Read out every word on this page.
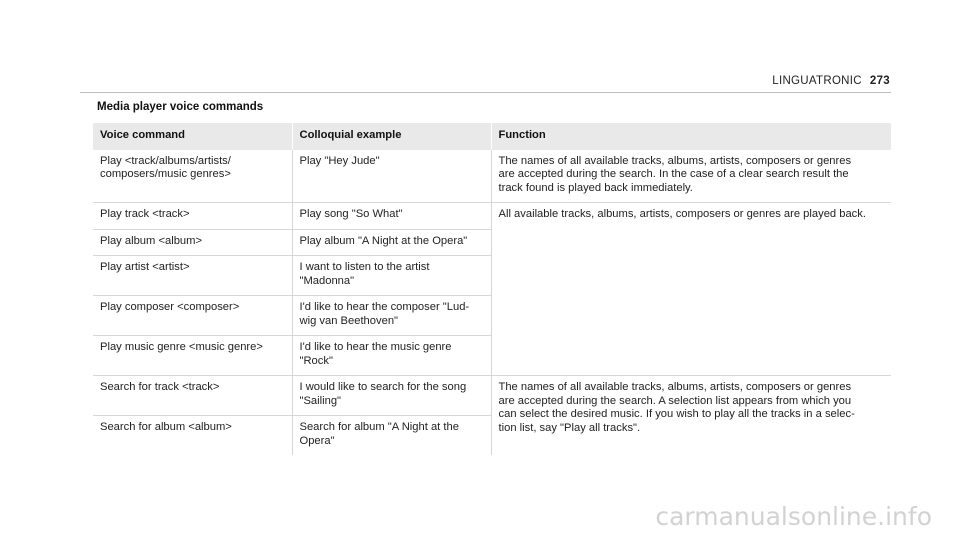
LINGUATRONIC 273
Media player voice commands
Voice command	Colloquial example	Function

Play <track/albums/artists/
composers/music genres>	Play "Hey Jude"	The names of all available tracks, albums, artists, composers or genres
are accepted during the search. In the case of a clear search result the
track found is played back immediately.

Play track <track>	Play song "So What"	All available tracks, albums, artists, composers or genres are played back.

Play album <album>	Play album "A Night at the Opera"	

Play artist <artist>	I want to listen to the artist
"Madonna"	

Play composer <composer>	I'd like to hear the composer "Lud-
wig van Beethoven"	

Play music genre <music genre>	I'd like to hear the music genre
"Rock"	

Search for track <track>	I would like to search for the song
"Sailing"	The names of all available tracks, albums, artists, composers or genres
are accepted during the search. A selection list appears from which you
can select the desired music. If you wish to play all the tracks in a selec-
tion list, say "Play all tracks".

Search for album <album>	Search for album "A Night at the
Opera"	
carmanualsonline.info
